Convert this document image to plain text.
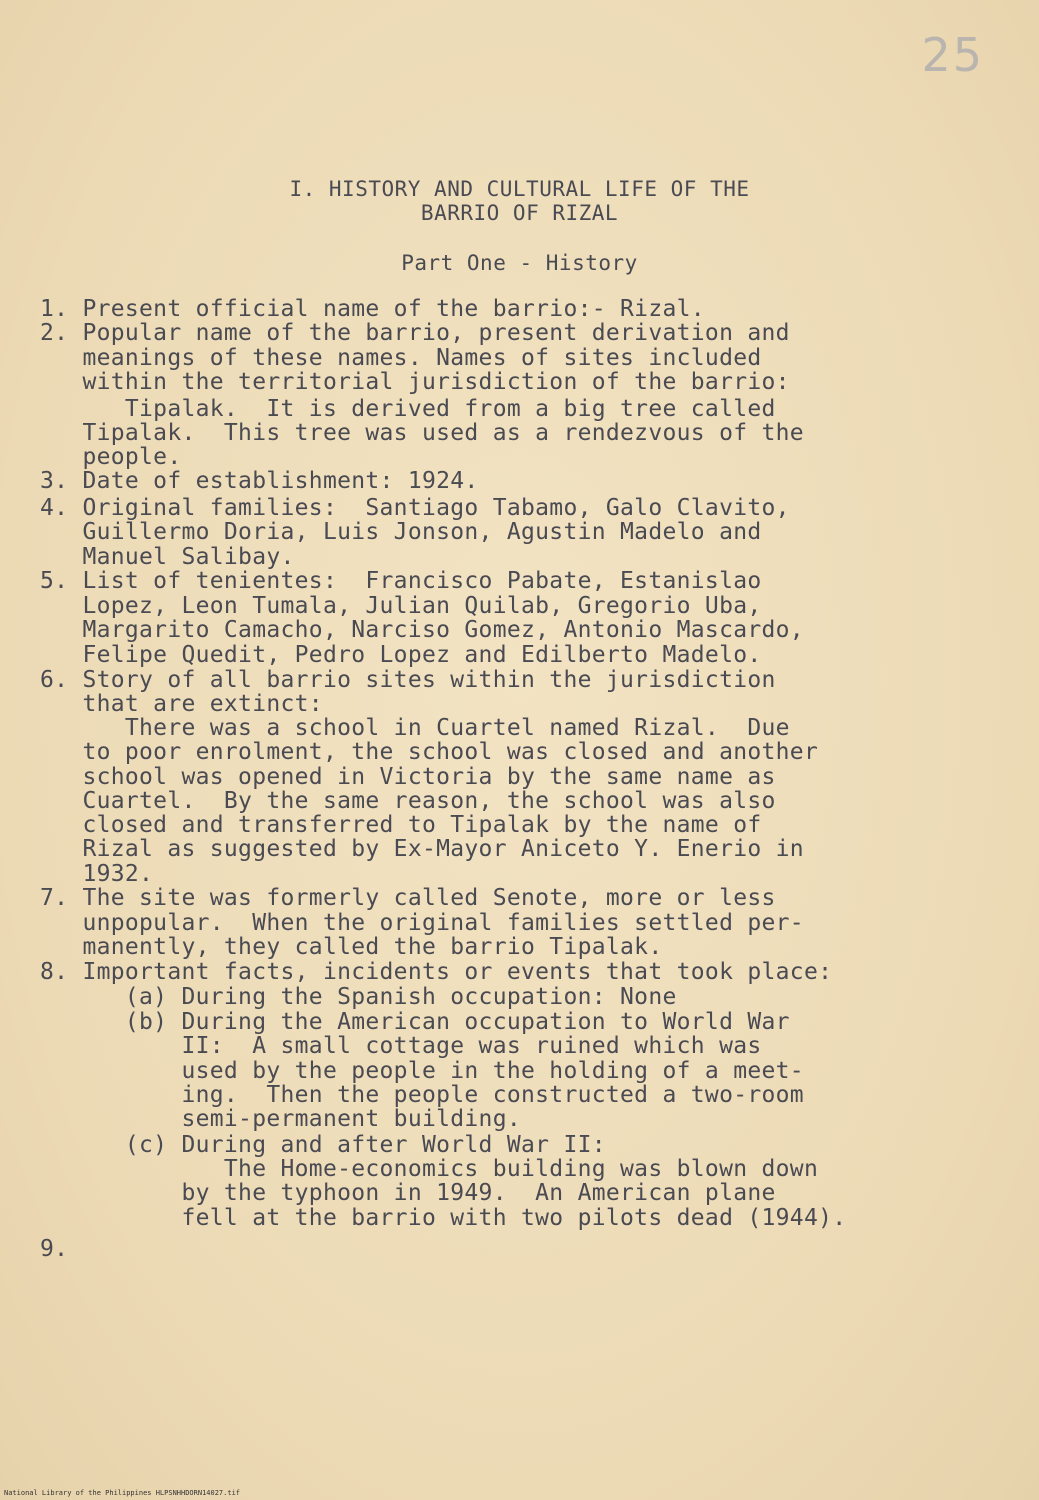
25
I. HISTORY AND CULTURAL LIFE OF THE
BARRIO OF RIZAL
Part One - History
1. Present official name of the barrio:- Rizal.
2. Popular name of the barrio, present derivation and
meanings of these names. Names of sites included
within the territorial jurisdiction of the barrio:
Tipalak.  It is derived from a big tree called
Tipalak.  This tree was used as a rendezvous of the
people.
3. Date of establishment: 1924.
4. Original families:  Santiago Tabamo, Galo Clavito,
Guillermo Doria, Luis Jonson, Agustin Madelo and
Manuel Salibay.
5. List of tenientes:  Francisco Pabate, Estanislao
Lopez, Leon Tumala, Julian Quilab, Gregorio Uba,
Margarito Camacho, Narciso Gomez, Antonio Mascardo,
Felipe Quedit, Pedro Lopez and Edilberto Madelo.
6. Story of all barrio sites within the jurisdiction
that are extinct:
There was a school in Cuartel named Rizal.  Due
to poor enrolment, the school was closed and another
school was opened in Victoria by the same name as
Cuartel.  By the same reason, the school was also
closed and transferred to Tipalak by the name of
Rizal as suggested by Ex-Mayor Aniceto Y. Enerio in
1932.
7. The site was formerly called Senote, more or less
unpopular.  When the original families settled per-
manently, they called the barrio Tipalak.
8. Important facts, incidents or events that took place:
(a) During the Spanish occupation: None
(b) During the American occupation to World War
II:  A small cottage was ruined which was
used by the people in the holding of a meet-
ing.  Then the people constructed a two-room
semi-permanent building.
(c) During and after World War II:
The Home-economics building was blown down
by the typhoon in 1949.  An American plane
fell at the barrio with two pilots dead (1944).
9.
National Library of the Philippines HLPSNHHDORN14027.tif
